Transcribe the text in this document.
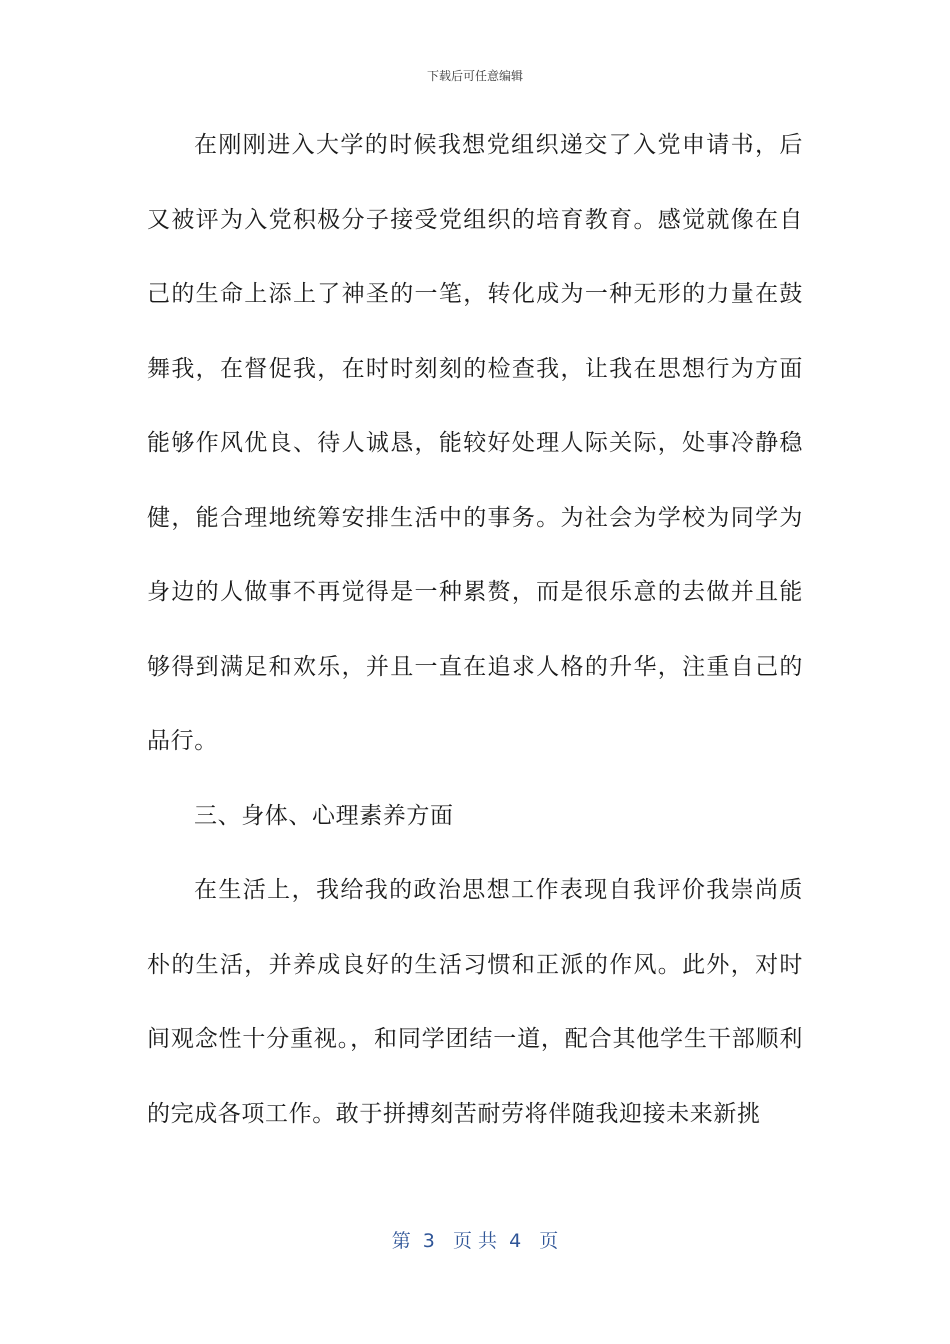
下载后可任意编辑

在刚刚进入大学的时候我想党组织递交了入党申请书，后又被评为入党积极分子接受党组织的培育教育。感觉就像在自己的生命上添上了神圣的一笔，转化成为一种无形的力量在鼓舞我，在督促我，在时时刻刻的检查我，让我在思想行为方面能够作风优良、待人诚恳，能较好处理人际关际，处事冷静稳健，能合理地统筹安排生活中的事务。为社会为学校为同学为身边的人做事不再觉得是一种累赘，而是很乐意的去做并且能够得到满足和欢乐，并且一直在追求人格的升华，注重自己的品行。

三、身体、心理素养方面

在生活上，我给我的政治思想工作表现自我评价我崇尚质朴的生活，并养成良好的生活习惯和正派的作风。此外，对时间观念性十分重视。，和同学团结一道，配合其他学生干部顺利的完成各项工作。敢于拼搏刻苦耐劳将伴随我迎接未来新挑

第  3   页 共  4   页
